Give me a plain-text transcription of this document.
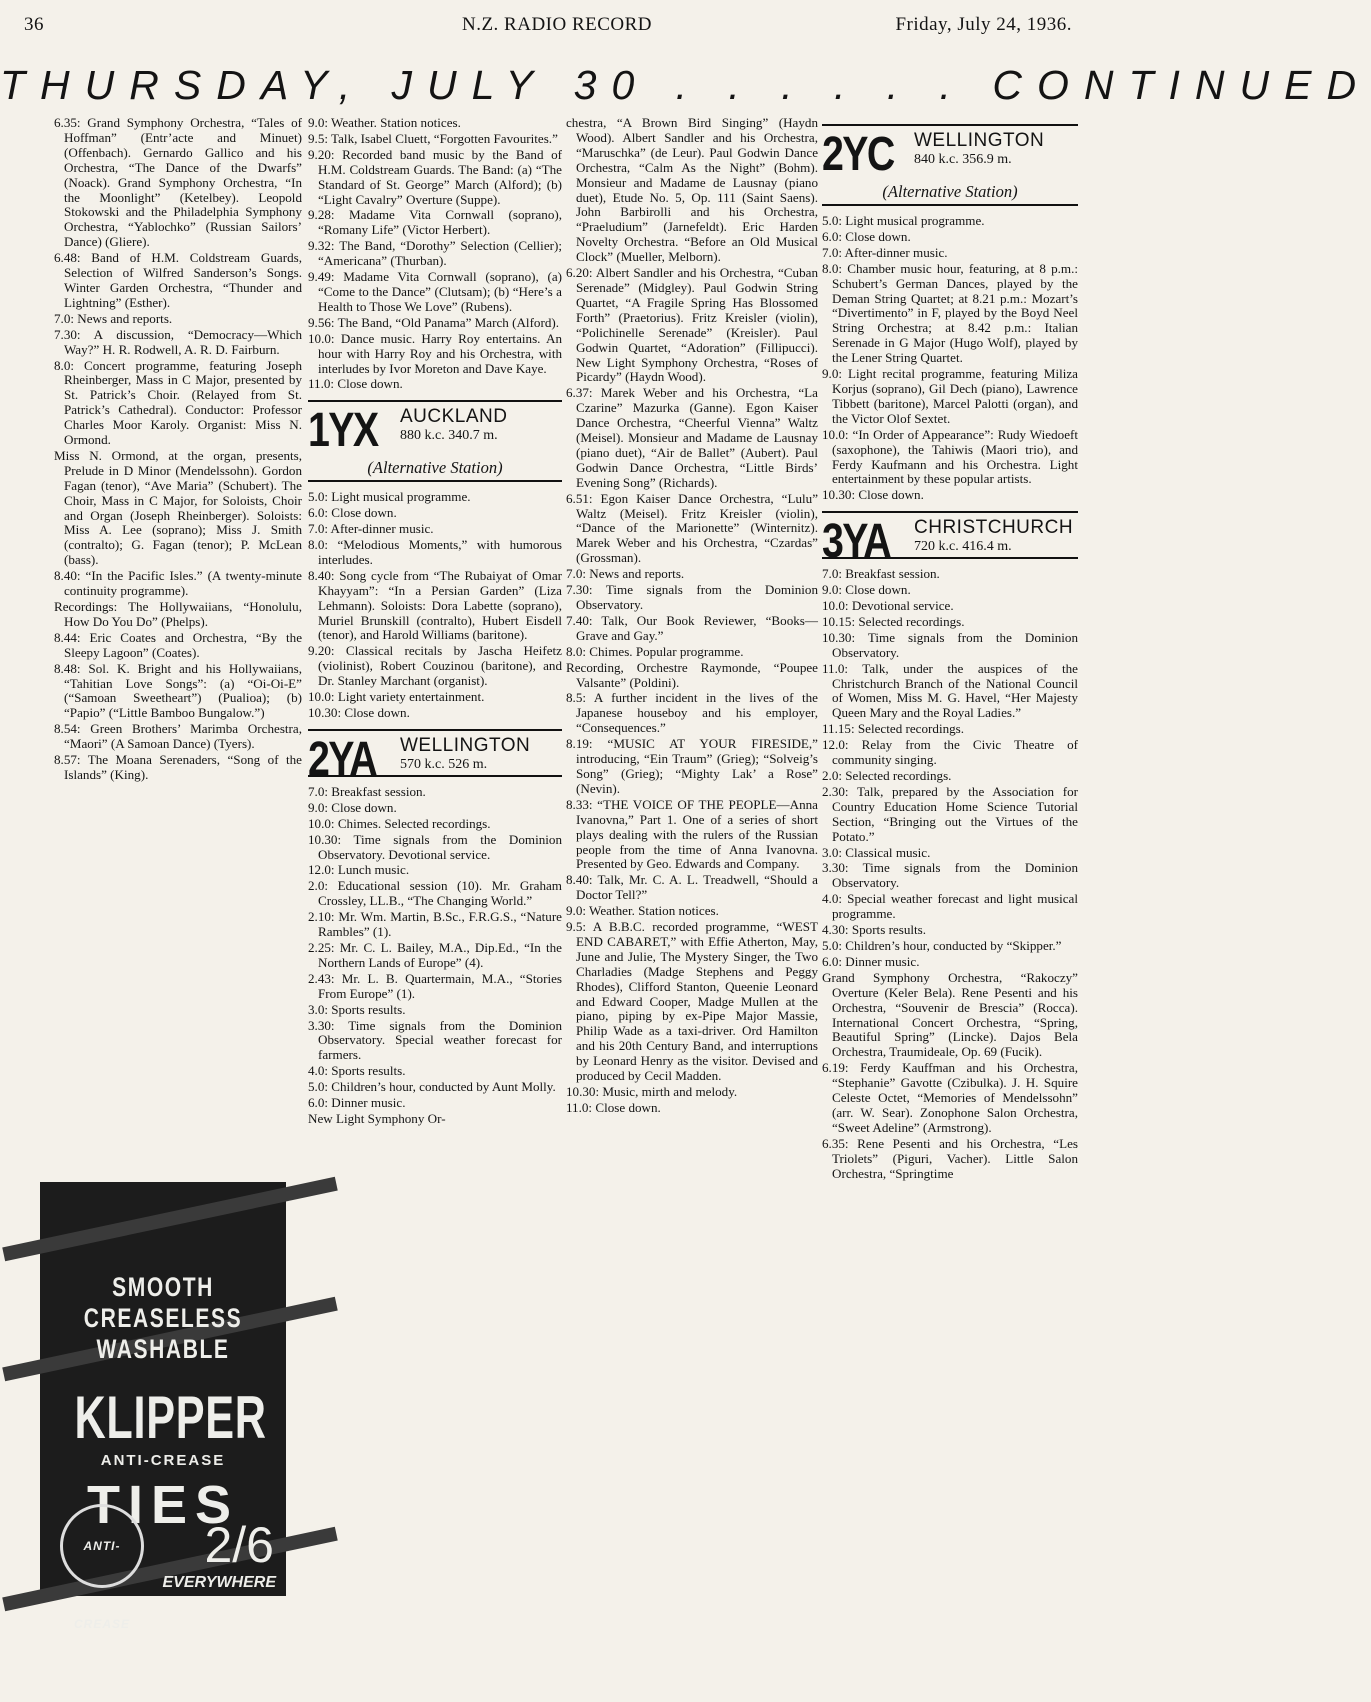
36	N.Z. RADIO RECORD	Friday, July 24, 1936.
THURSDAY, JULY 30 . . . . . . CONTINUED

6.35: Grand Symphony Orchestra, “Tales of Hoffman” (Entr’acte and Minuet) (Offenbach). Gernardo Gallico and his Orchestra, “The Dance of the Dwarfs” (Noack). Grand Symphony Orchestra, “In the Moonlight” (Ketelbey). Leopold Stokowski and the Philadelphia Symphony Orchestra, “Yablochko” (Russian Sailors’ Dance) (Gliere).

6.48: Band of H.M. Coldstream Guards, Selection of Wilfred Sanderson’s Songs. Winter Garden Orchestra, “Thunder and Lightning” (Esther).

7.0: News and reports.

7.30: A discussion, “Democracy—Which Way?” H. R. Rodwell, A. R. D. Fairburn.

8.0: Concert programme, featuring Joseph Rheinberger, Mass in C Major, presented by St. Patrick’s Choir. (Relayed from St. Patrick’s Cathedral). Conductor: Professor Charles Moor Karoly. Organist: Miss N. Ormond.

Miss N. Ormond, at the organ, presents, Prelude in D Minor (Mendelssohn). Gordon Fagan (tenor), “Ave Maria” (Schubert). The Choir, Mass in C Major, for Soloists, Choir and Organ (Joseph Rheinberger). Soloists: Miss A. Lee (soprano); Miss J. Smith (contralto); G. Fagan (tenor); P. McLean (bass).

8.40: “In the Pacific Isles.” (A twenty-minute continuity programme).

Recordings: The Hollywaiians, “Honolulu, How Do You Do” (Phelps).

8.44: Eric Coates and Orchestra, “By the Sleepy Lagoon” (Coates).

8.48: Sol. K. Bright and his Hollywaiians, “Tahitian Love Songs”: (a) “Oi-Oi-E” (“Samoan Sweetheart”) (Pualioa); (b) “Papio” (“Little Bamboo Bungalow.”)

8.54: Green Brothers’ Marimba Orchestra, “Maori” (A Samoan Dance) (Tyers).

8.57: The Moana Serenaders, “Song of the Islands” (King).

9.0: Weather. Station notices.

9.5: Talk, Isabel Cluett, “Forgotten Favourites.”

9.20: Recorded band music by the Band of H.M. Coldstream Guards. The Band: (a) “The Standard of St. George” March (Alford); (b) “Light Cavalry” Overture (Suppe).

9.28: Madame Vita Cornwall (soprano), “Romany Life” (Victor Herbert).

9.32: The Band, “Dorothy” Selection (Cellier); “Americana” (Thurban).

9.49: Madame Vita Cornwall (soprano), (a) “Come to the Dance” (Clutsam); (b) “Here’s a Health to Those We Love” (Rubens).

9.56: The Band, “Old Panama” March (Alford).

10.0: Dance music. Harry Roy entertains. An hour with Harry Roy and his Orchestra, with interludes by Ivor Moreton and Dave Kaye.

11.0: Close down.

1YX	AUCKLAND
880 k.c. 340.7 m.
(Alternative Station)

5.0: Light musical programme.

6.0: Close down.

7.0: After-dinner music.

8.0: “Melodious Moments,” with humorous interludes.

8.40: Song cycle from “The Rubaiyat of Omar Khayyam”: “In a Persian Garden” (Liza Lehmann). Soloists: Dora Labette (soprano), Muriel Brunskill (contralto), Hubert Eisdell (tenor), and Harold Williams (baritone).

9.20: Classical recitals by Jascha Heifetz (violinist), Robert Couzinou (baritone), and Dr. Stanley Marchant (organist).

10.0: Light variety entertainment.

10.30: Close down.

2YA	WELLINGTON
570 k.c. 526 m.

7.0: Breakfast session.

9.0: Close down.

10.0: Chimes. Selected recordings.

10.30: Time signals from the Dominion Observatory. Devotional service.

12.0: Lunch music.

2.0: Educational session (10). Mr. Graham Crossley, LL.B., “The Changing World.”

2.10: Mr. Wm. Martin, B.Sc., F.R.G.S., “Nature Rambles” (1).

2.25: Mr. C. L. Bailey, M.A., Dip.Ed., “In the Northern Lands of Europe” (4).

2.43: Mr. L. B. Quartermain, M.A., “Stories From Europe” (1).

3.0: Sports results.

3.30: Time signals from the Dominion Observatory. Special weather forecast for farmers.

4.0: Sports results.

5.0: Children’s hour, conducted by Aunt Molly.

6.0: Dinner music.

New Light Symphony Or-

chestra, “A Brown Bird Singing” (Haydn Wood). Albert Sandler and his Orchestra, “Maruschka” (de Leur). Paul Godwin Dance Orchestra, “Calm As the Night” (Bohm). Monsieur and Madame de Lausnay (piano duet), Etude No. 5, Op. 111 (Saint Saens). John Barbirolli and his Orchestra, “Praeludium” (Jarnefeldt). Eric Harden Novelty Orchestra. “Before an Old Musical Clock” (Mueller, Melborn).

6.20: Albert Sandler and his Orchestra, “Cuban Serenade” (Midgley). Paul Godwin String Quartet, “A Fragile Spring Has Blossomed Forth” (Praetorius). Fritz Kreisler (violin), “Polichinelle Serenade” (Kreisler). Paul Godwin Quartet, “Adoration” (Fillipucci). New Light Symphony Orchestra, “Roses of Picardy” (Haydn Wood).

6.37: Marek Weber and his Orchestra, “La Czarine” Mazurka (Ganne). Egon Kaiser Dance Orchestra, “Cheerful Vienna” Waltz (Meisel). Monsieur and Madame de Lausnay (piano duet), “Air de Ballet” (Aubert). Paul Godwin Dance Orchestra, “Little Birds’ Evening Song” (Richards).

6.51: Egon Kaiser Dance Orchestra, “Lulu” Waltz (Meisel). Fritz Kreisler (violin), “Dance of the Marionette” (Winternitz). Marek Weber and his Orchestra, “Czardas” (Grossman).

7.0: News and reports.

7.30: Time signals from the Dominion Observatory.

7.40: Talk, Our Book Reviewer, “Books—Grave and Gay.”

8.0: Chimes. Popular programme.

Recording, Orchestre Raymonde, “Poupee Valsante” (Poldini).

8.5: A further incident in the lives of the Japanese houseboy and his employer, “Consequences.”

8.19: “MUSIC AT YOUR FIRESIDE,” introducing, “Ein Traum” (Grieg); “Solveig’s Song” (Grieg); “Mighty Lak’ a Rose” (Nevin).

8.33: “THE VOICE OF THE PEOPLE—Anna Ivanovna,” Part 1. One of a series of short plays dealing with the rulers of the Russian people from the time of Anna Ivanovna. Presented by Geo. Edwards and Company.

8.40: Talk, Mr. C. A. L. Treadwell, “Should a Doctor Tell?”

9.0: Weather. Station notices.

9.5: A B.B.C. recorded programme, “WEST END CABARET,” with Effie Atherton, May, June and Julie, The Mystery Singer, the Two Charladies (Madge Stephens and Peggy Rhodes), Clifford Stanton, Queenie Leonard and Edward Cooper, Madge Mullen at the piano, piping by ex-Pipe Major Massie, Philip Wade as a taxi-driver. Ord Hamilton and his 20th Century Band, and interruptions by Leonard Henry as the visitor. Devised and produced by Cecil Madden.

10.30: Music, mirth and melody.

11.0: Close down.

2YC WELLINGTON
840 k.c. 356.9 m.
(Alternative Station)

5.0: Light musical programme.

6.0: Close down.

7.0: After-dinner music.

8.0: Chamber music hour, featuring, at 8 p.m.: Schubert’s German Dances, played by the Deman String Quartet; at 8.21 p.m.: Mozart’s “Divertimento” in F, played by the Boyd Neel String Orchestra; at 8.42 p.m.: Italian Serenade in G Major (Hugo Wolf), played by the Lener String Quartet.

9.0: Light recital programme, featuring Miliza Korjus (soprano), Gil Dech (piano), Lawrence Tibbett (baritone), Marcel Palotti (organ), and the Victor Olof Sextet.

10.0: “In Order of Appearance”: Rudy Wiedoeft (saxophone), the Tahiwis (Maori trio), and Ferdy Kaufmann and his Orchestra. Light entertainment by these popular artists.

10.30: Close down.

3YA	CHRISTCHURCH
720 k.c. 416.4 m.

7.0: Breakfast session.

9.0: Close down.

10.0: Devotional service.

10.15: Selected recordings.

10.30: Time signals from the Dominion Observatory.

11.0: Talk, under the auspices of the Christchurch Branch of the National Council of Women, Miss M. G. Havel, “Her Majesty Queen Mary and the Royal Ladies.”

11.15: Selected recordings.

12.0: Relay from the Civic Theatre of community singing.

2.0: Selected recordings.

2.30: Talk, prepared by the Association for Country Education Home Science Tutorial Section, “Bringing out the Virtues of the Potato.”

3.0: Classical music.

3.30: Time signals from the Dominion Observatory.

4.0: Special weather forecast and light musical programme.

4.30: Sports results.

5.0: Children’s hour, conducted by “Skipper.”

6.0: Dinner music.

Grand Symphony Orchestra, “Rakoczy” Overture (Keler Bela). Rene Pesenti and his Orchestra, “Souvenir de Brescia” (Rocca). International Concert Orchestra, “Spring, Beautiful Spring” (Lincke). Dajos Bela Orchestra, Traumideale, Op. 69 (Fucik).

6.19: Ferdy Kauffman and his Orchestra, “Stephanie” Gavotte (Czibulka). J. H. Squire Celeste Octet, “Memories of Mendelssohn” (arr. W. Sear). Zonophone Salon Orchestra, “Sweet Adeline” (Armstrong).

6.35: Rene Pesenti and his Orchestra, “Les Triolets” (Piguri, Vacher). Little Salon Orchestra, “Springtime

SMOOTH CREASELESS WASHABLE
KLIPPER
ANTI-CREASE
TIES
2/6
ANTI-CREASE
EVERYWHERE
